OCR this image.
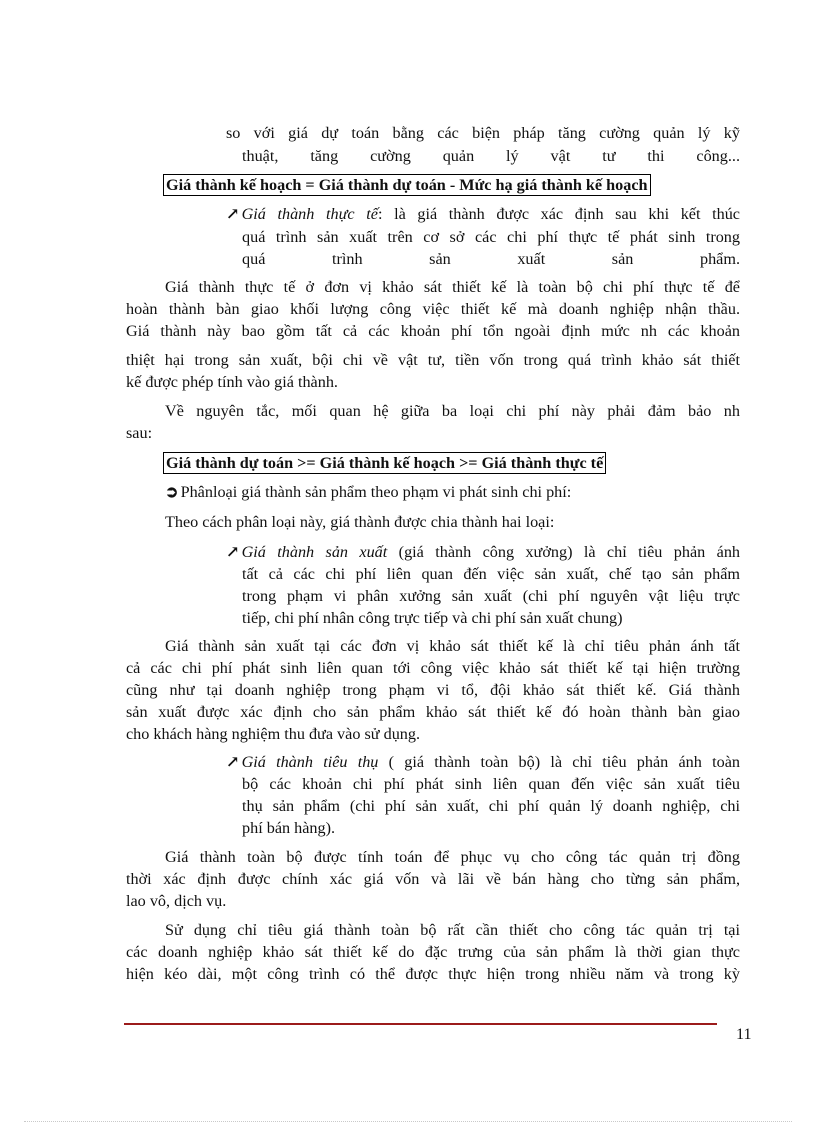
so với giá dự toán bằng các biện pháp tăng cường quản lý kỹ

thuật, tăng cường quản lý vật tư thi công...

Giá thành kế hoạch = Giá thành dự toán - Mức hạ giá thành kế hoạch

↗ Giá thành thực tế: là giá thành được xác định sau khi kết thúc

quá trình sản xuất trên cơ sở các chi phí thực tế phát sinh trong

quá trình sản xuất sản phẩm.

Giá thành thực tế ở đơn vị khảo sát thiết kế là toàn bộ chi phí thực tế để

hoàn thành bàn giao khối lượng công việc thiết kế mà doanh nghiệp nhận thầu.

Giá thành này bao gồm tất cả các khoản phí tổn ngoài định mức nh các khoản

thiệt hại trong sản xuất, bội chi về vật tư, tiền vốn trong quá trình khảo sát thiết

kế được phép tính vào giá thành.

Về nguyên tắc, mối quan hệ giữa ba loại chi phí này phải đảm bảo nh

sau:

Giá thành dự toán >= Giá thành kế hoạch >= Giá thành thực tế

➲ Phânloại giá thành sản phẩm theo phạm vi phát sinh chi phí:

Theo cách phân loại này, giá thành được chia thành hai loại:

↗ Giá thành sản xuất (giá thành công xưởng) là chỉ tiêu phản ánh

tất cả các chi phí liên quan đến việc sản xuất, chế tạo sản phẩm

trong phạm vi phân xưởng sản xuất (chi phí nguyên vật liệu trực

tiếp, chi phí nhân công trực tiếp và chi phí sản xuất chung)

Giá thành sản xuất tại các đơn vị khảo sát thiết kế là chỉ tiêu phản ánh tất

cả các chi phí phát sinh liên quan tới công việc khảo sát thiết kế tại hiện trường

cũng như tại doanh nghiệp trong phạm vi tổ, đội khảo sát thiết kế. Giá thành

sản xuất được xác định cho sản phẩm khảo sát thiết kế đó hoàn thành bàn giao

cho khách hàng nghiệm thu đưa vào sử dụng.

↗ Giá thành tiêu thụ ( giá thành toàn bộ) là chỉ tiêu phản ánh toàn

bộ các khoản chi phí phát sinh liên quan đến việc sản xuất tiêu

thụ sản phẩm (chi phí sản xuất, chi phí quản lý doanh nghiệp, chi

phí bán hàng).

Giá thành toàn bộ được tính toán để phục vụ cho công tác quản trị đồng

thời xác định được chính xác giá vốn và lãi về bán hàng cho từng sản phẩm,

lao vô, dịch vụ.

Sử dụng chỉ tiêu giá thành toàn bộ rất cần thiết cho công tác quản trị tại

các doanh nghiệp khảo sát thiết kế do đặc trưng của sản phẩm là thời gian thực

hiện kéo dài, một công trình có thể được thực hiện trong nhiều năm và trong kỳ

11
